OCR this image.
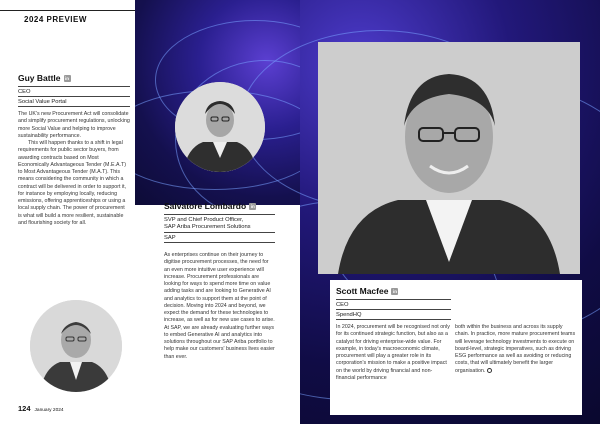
2024 PREVIEW
Guy Battle in
CEO
Social Value Portal

The UK's new Procurement Act will consolidate and simplify procurement regulations, unlocking more Social Value and helping to improve sustainability performance.

This will happen thanks to a shift in legal requirements for public sector buyers, from awarding contracts based on Most Economically Advantageous Tender (M.E.A.T) to Most Advantageous Tender (M.A.T). This means considering the community in which a contract will be delivered in order to support it, for instance by employing locally, reducing emissions, offering apprenticeships or using a local supply chain. The power of procurement is what will build a more resilient, sustainable and flourishing society for all.

Salvatore Lombardo in
SVP and Chief Product Officer,
SAP Ariba Procurement Solutions
SAP
As enterprises continue on their journey to digitise procurement processes, the need for an even more intuitive user experience will increase. Procurement professionals are looking for ways to spend more time on value adding tasks and are looking to Generative AI and analytics to support them at the point of decision. Moving into 2024 and beyond, we expect the demand for these technologies to increase, as well as for new use cases to arise. At SAP, we are already evaluating further ways to embed Generative AI and analytics into solutions throughout our SAP Ariba portfolio to help make our customers' business lives easier than ever.
Scott Macfee in
CEO
SpendHQ
In 2024, procurement will be recognised not only for its continued strategic function, but also as a catalyst for driving enterprise-wide value. For example, in today's macroeconomic climate, procurement will play a greater role in its corporation's mission to make a positive impact on the world by driving financial and non-financial performance
both within the business and across its supply chain. In practice, more mature procurement teams will leverage technology investments to execute on board-level, strategic imperatives, such as driving ESG performance as well as avoiding or reducing costs, that will ultimately benefit the larger organisation.
124 January 2024
